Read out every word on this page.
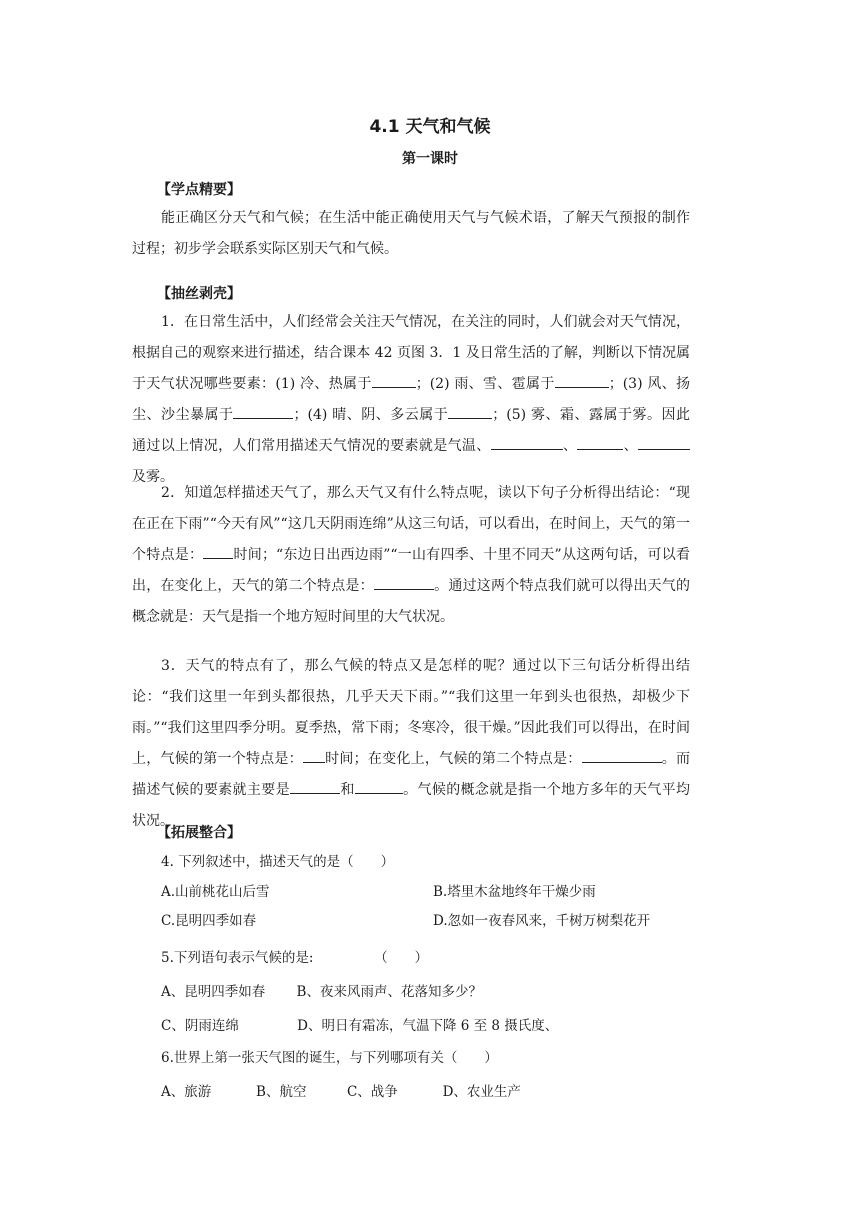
4.1 天气和气候
第一课时
【学点精要】

能正确区分天气和气候；在生活中能正确使用天气与气候术语，了解天气预报的制作过程；初步学会联系实际区别天气和气候。

【抽丝剥壳】

1．在日常生活中，人们经常会关注天气情况，在关注的同时，人们就会对天气情况，根据自己的观察来进行描述，结合课本 42 页图 3．1 及日常生活的了解，判断以下情况属于天气状况哪些要素：(1) 冷、热属于	；(2) 雨、雪、雹属于	；(3) 风、扬尘、沙尘暴属于	；(4) 晴、阴、多云属于	；(5) 雾、霜、露属于雾。因此通过以上情况，人们常用描述天气情况的要素就是气温、	、	、及雾。

2．知道怎样描述天气了，那么天气又有什么特点呢，读以下句子分析得出结论：“现在正在下雨”“今天有风”“这几天阴雨连绵”从这三句话，可以看出，在时间上，天气的第一个特点是： 时间；“东边日出西边雨”“一山有四季、十里不同天”从这两句话，可以看出，在变化上，天气的第二个特点是：	。通过这两个特点我们就可以得出天气的概念就是：天气是指一个地方短时间里的大气状况。

3．天气的特点有了，那么气候的特点又是怎样的呢？通过以下三句话分析得出结论：“我们这里一年到头都很热，几乎天天下雨。”“我们这里一年到头也很热，却极少下雨。”“我们这里四季分明。夏季热，常下雨；冬寒冷，很干燥。”因此我们可以得出，在时间上，气候的第一个特点是： 时间；在变化上，气候的第二个特点是：	。而描述气候的要素就主要是	和	。气候的概念就是指一个地方多年的天气平均状况。

【拓展整合】

4. 下列叙述中，描述天气的是（　　）

A.山前桃花山后雪	B.塔里木盆地终年干燥少雨

C.昆明四季如春	D.忽如一夜春风来，千树万树梨花开

5.下列语句表示气候的是:　　　　　（　　）

A、昆明四季如春　　 B、夜来风雨声、花落知多少？

C、阴雨连绵　　　　 D、明日有霜冻，气温下降 6 至 8 摄氏度、

6.世界上第一张天气图的诞生，与下列哪项有关（　　）

A、旅游　　　 B、航空　　　C、战争　　　 D、农业生产
